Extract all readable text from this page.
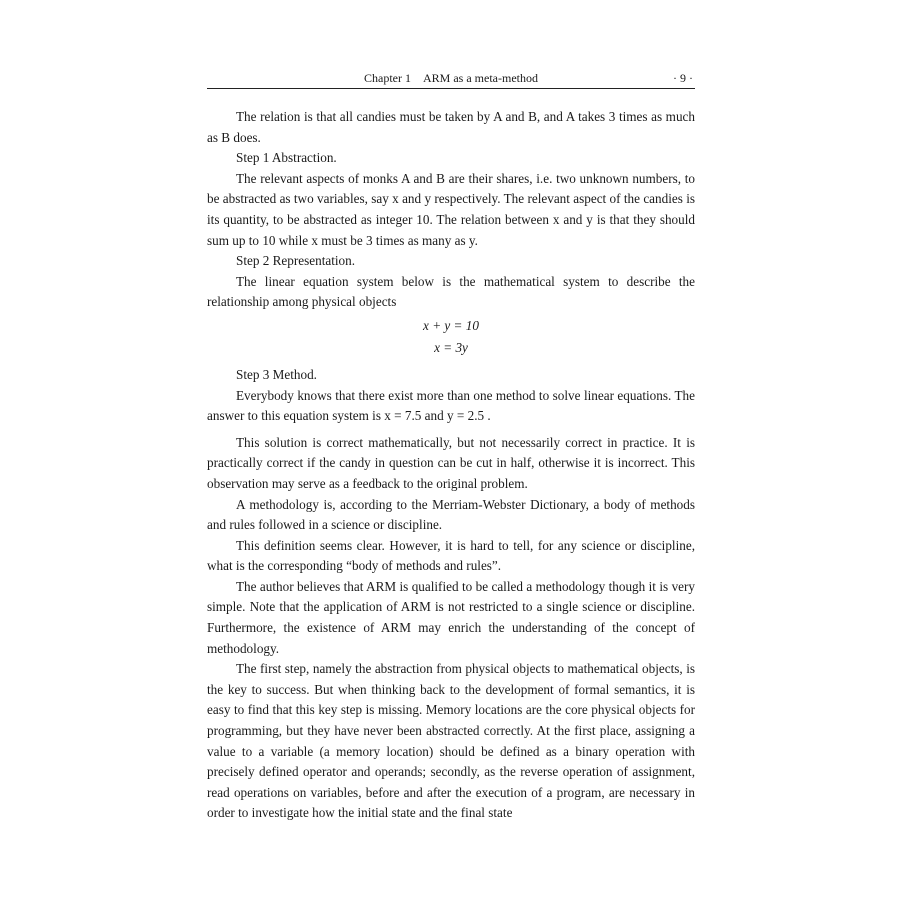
Chapter 1 ARM as a meta-method	· 9 ·

The relation is that all candies must be taken by A and B, and A takes 3 times as much as B does.

Step 1 Abstraction.

The relevant aspects of monks A and B are their shares, i.e. two unknown numbers, to be abstracted as two variables, say x and y respectively. The relevant aspect of the candies is its quantity, to be abstracted as integer 10. The relation between x and y is that they should sum up to 10 while x must be 3 times as many as y.

Step 2 Representation.

The linear equation system below is the mathematical system to describe the relationship among physical objects

x + y = 10
x = 3y

Step 3 Method.

Everybody knows that there exist more than one method to solve linear equations. The answer to this equation system is x = 7.5 and y = 2.5 .

This solution is correct mathematically, but not necessarily correct in practice. It is practically correct if the candy in question can be cut in half, otherwise it is incorrect. This observation may serve as a feedback to the original problem.

A methodology is, according to the Merriam-Webster Dictionary, a body of methods and rules followed in a science or discipline.

This definition seems clear. However, it is hard to tell, for any science or discipline, what is the corresponding “body of methods and rules”.

The author believes that ARM is qualified to be called a methodology though it is very simple. Note that the application of ARM is not restricted to a single science or discipline. Furthermore, the existence of ARM may enrich the understanding of the concept of methodology.

The first step, namely the abstraction from physical objects to mathematical objects, is the key to success. But when thinking back to the development of formal semantics, it is easy to find that this key step is missing. Memory locations are the core physical objects for programming, but they have never been abstracted correctly. At the first place, assigning a value to a variable (a memory location) should be defined as a binary operation with precisely defined operator and operands; secondly, as the reverse operation of assignment, read operations on variables, before and after the execution of a program, are necessary in order to investigate how the initial state and the final state
